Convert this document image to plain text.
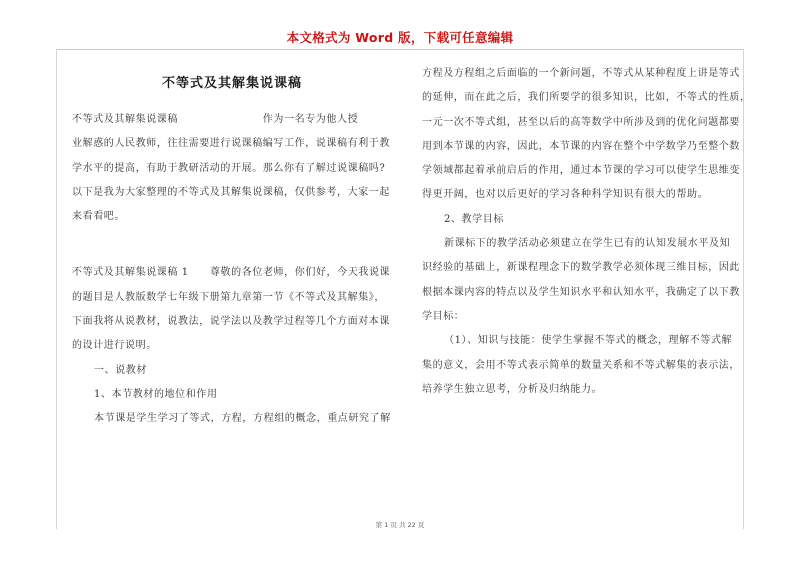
本文格式为 Word 版，下载可任意编辑
不等式及其解集说课稿

不等式及其解集说课稿　　　　　　　　作为一名专为他人授

业解惑的人民教师，往往需要进行说课稿编写工作，说课稿有利于教

学水平的提高，有助于教研活动的开展。那么你有了解过说课稿吗?

以下是我为大家整理的不等式及其解集说课稿，仅供参考，大家一起

来看看吧。

不等式及其解集说课稿 1　　尊敬的各位老师，你们好，今天我说课

的题目是人教版数学七年级下册第九章第一节《不等式及其解集》，

下面我将从说教材，说教法，说学法以及教学过程等几个方面对本课

的设计进行说明。

一、说教材

1、本节教材的地位和作用

本节课是学生学习了等式，方程，方程组的概念，重点研究了解

方程及方程组之后面临的一个新问题，不等式从某种程度上讲是等式

的延伸，而在此之后，我们所要学的很多知识，比如，不等式的性质，

一元一次不等式组，甚至以后的高等数学中所涉及到的优化问题都要

用到本节课的内容，因此，本节课的内容在整个中学数学乃至整个数

学领域都起着承前启后的作用，通过本节课的学习可以使学生思维变

得更开阔，也对以后更好的学习各种科学知识有很大的帮助。

2、教学目标

新课标下的教学活动必须建立在学生已有的认知发展水平及知

识经验的基础上，新课程理念下的数学教学必须体现三维目标，因此

根据本课内容的特点以及学生知识水平和认知水平，我确定了以下教

学目标：

（1）、知识与技能：使学生掌握不等式的概念，理解不等式解

集的意义，会用不等式表示简单的数量关系和不等式解集的表示法，

培养学生独立思考，分析及归纳能力。

第 1 页 共 22 页
